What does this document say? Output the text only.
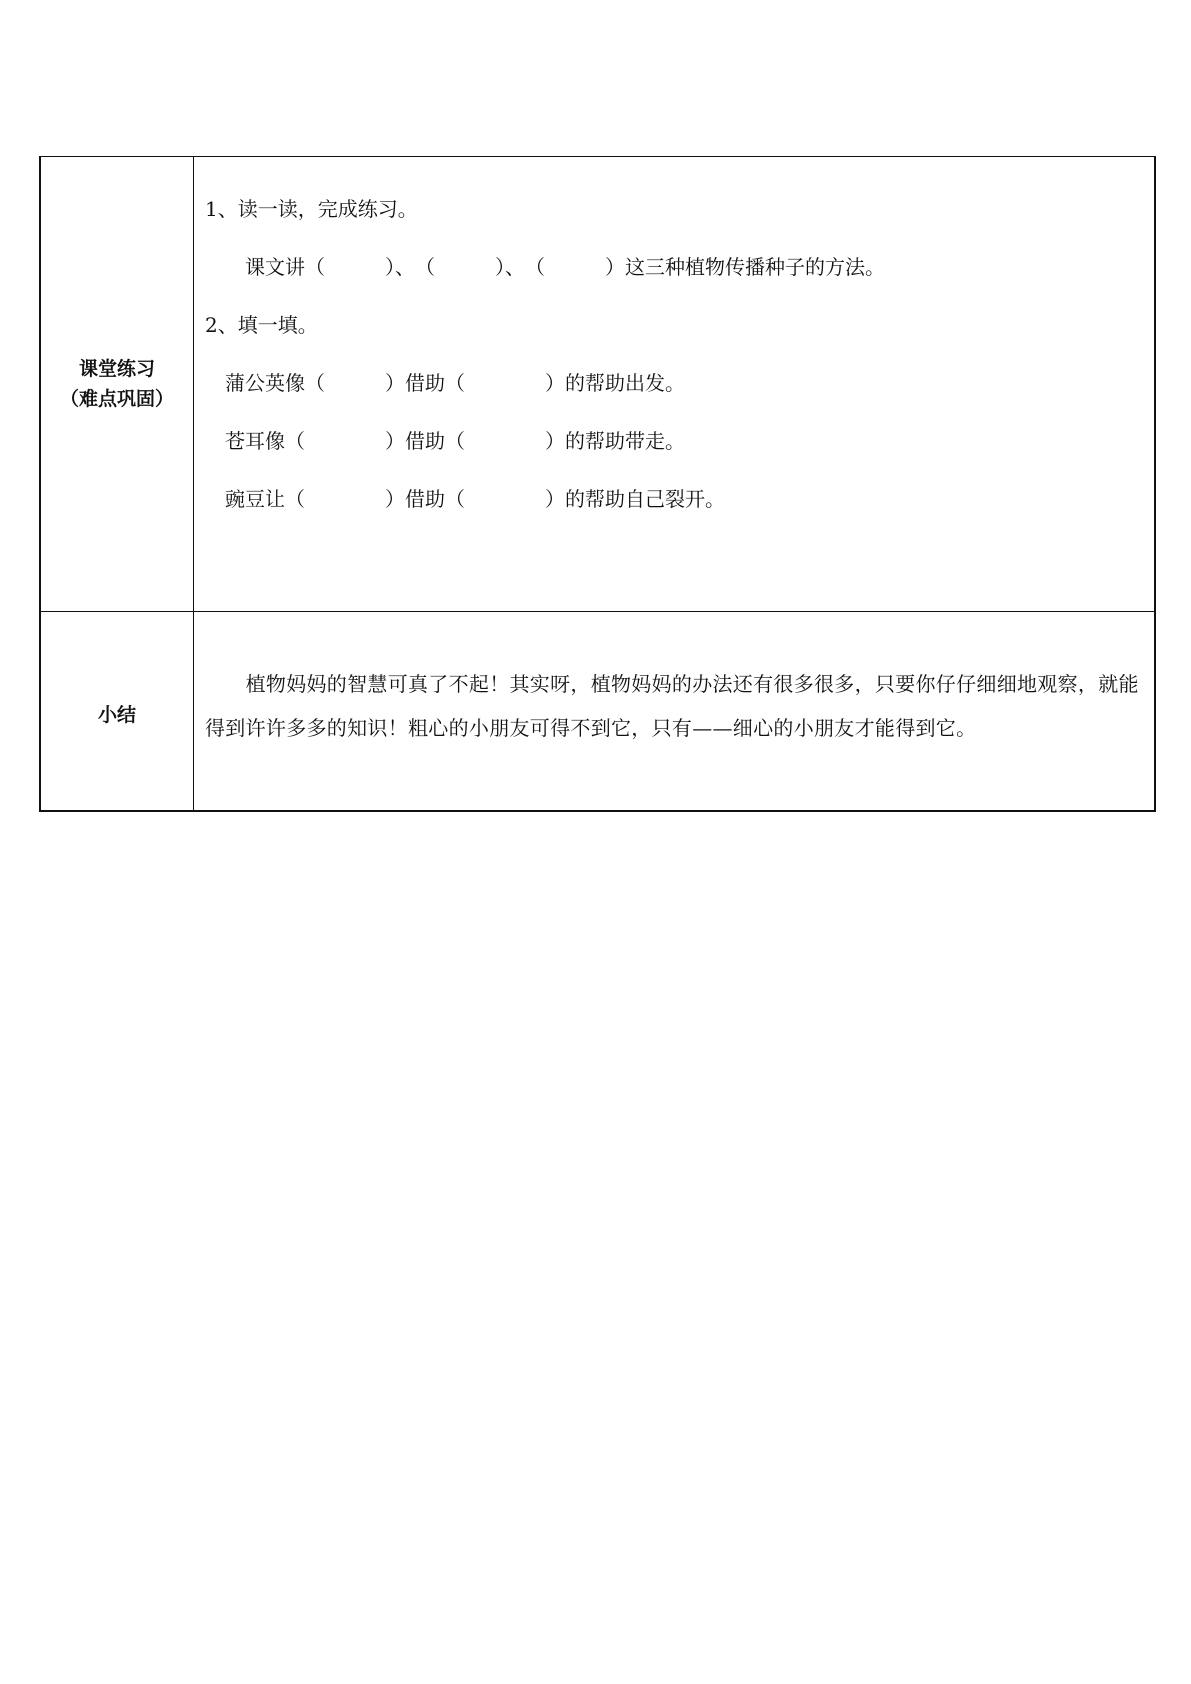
课堂练习
（难点巩固）
1、读一读，完成练习。
课文讲（　　　）、　（　　　）、　（　　　）这三种植物传播种子的方法。
2、填一填。
蒲公英像（　　　）借助（　　　　）的帮助出发。
苍耳像（　　　　）借助（　　　　）的帮助带走。
豌豆让（　　　　）借助（　　　　）的帮助自己裂开。
小结
　　植物妈妈的智慧可真了不起！其实呀，植物妈妈的办法还有很多很多，只要你仔仔细细地观察，就能得到许许多多的知识！粗心的小朋友可得不到它，只有——细心的小朋友才能得到它。
